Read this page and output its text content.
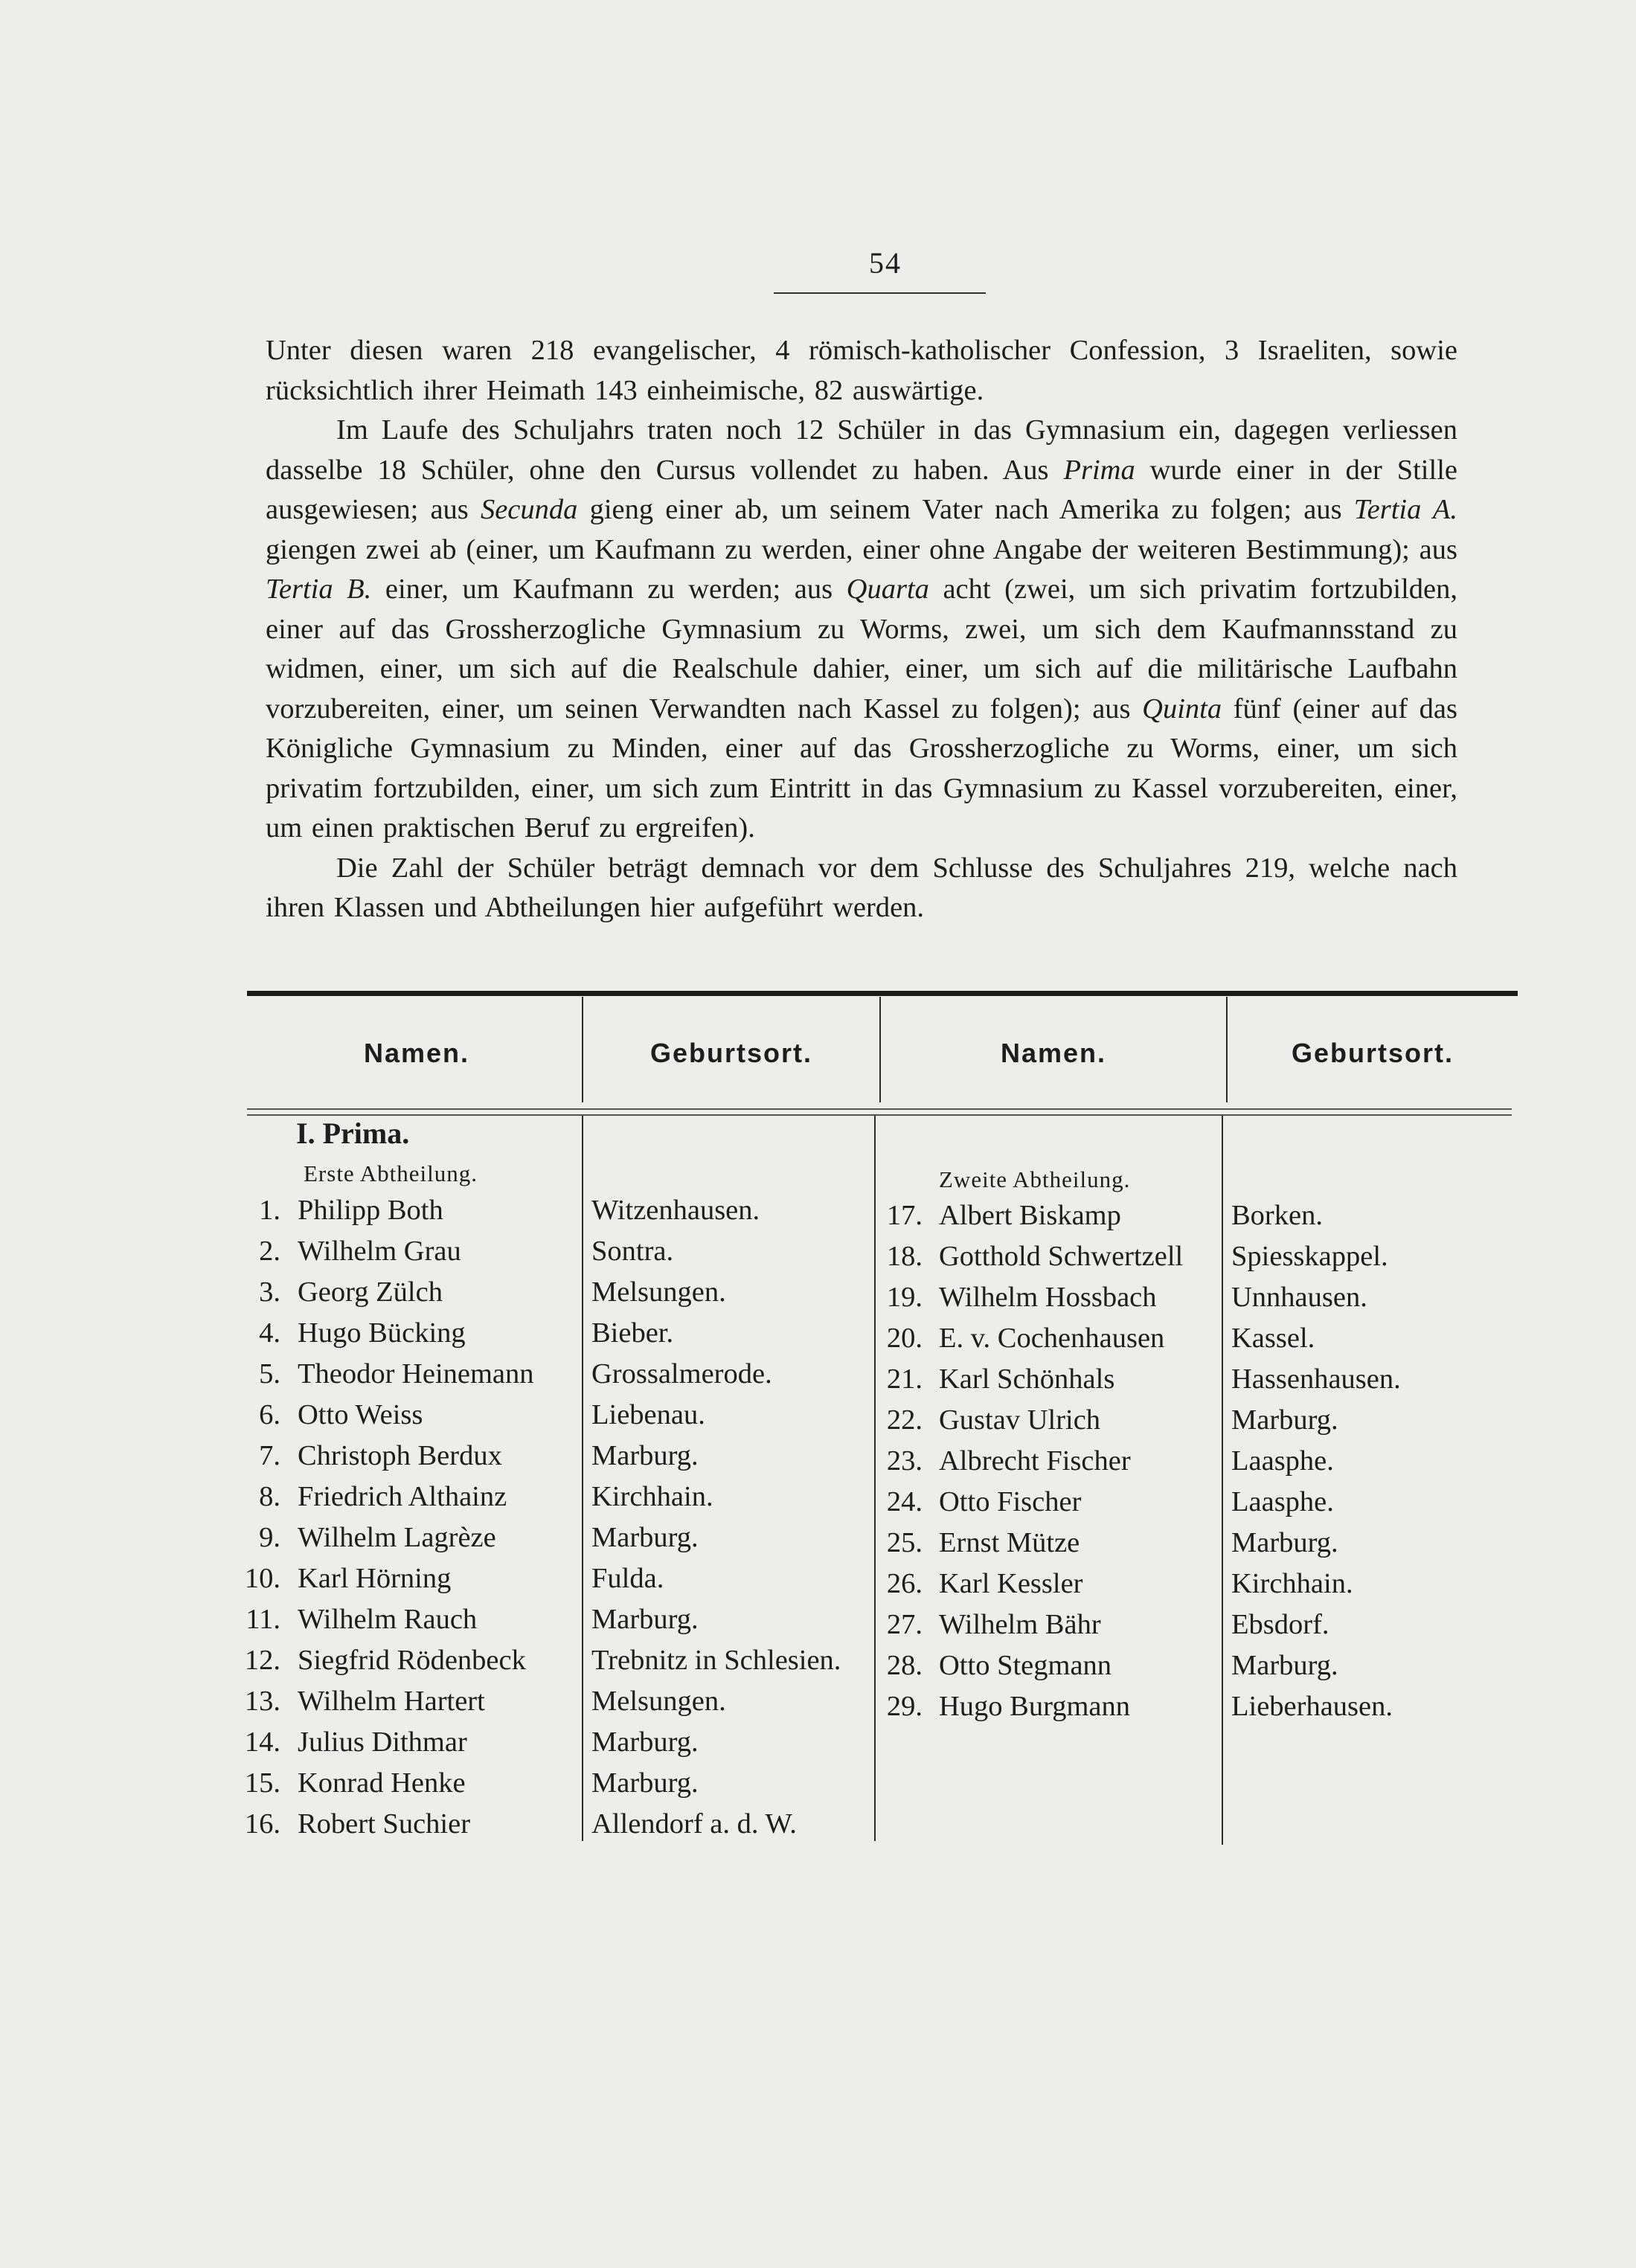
54

Unter diesen waren 218 evangelischer, 4 römisch-katholischer Confession, 3 Israeliten, sowie rücksichtlich ihrer Heimath 143 einheimische, 82 auswärtige.

Im Laufe des Schuljahrs traten noch 12 Schüler in das Gymnasium ein, dagegen verliessen dasselbe 18 Schüler, ohne den Cursus vollendet zu haben. Aus Prima wurde einer in der Stille ausgewiesen; aus Secunda gieng einer ab, um seinem Vater nach Amerika zu folgen; aus Tertia A. giengen zwei ab (einer, um Kaufmann zu werden, einer ohne Angabe der weiteren Bestimmung); aus Tertia B. einer, um Kaufmann zu werden; aus Quarta acht (zwei, um sich privatim fortzubilden, einer auf das Grossherzogliche Gymnasium zu Worms, zwei, um sich dem Kaufmannsstand zu widmen, einer, um sich auf die Realschule dahier, einer, um sich auf die militärische Laufbahn vorzubereiten, einer, um seinen Verwandten nach Kassel zu folgen); aus Quinta fünf (einer auf das Königliche Gymnasium zu Minden, einer auf das Grossherzogliche zu Worms, einer, um sich privatim fortzubilden, einer, um sich zum Eintritt in das Gymnasium zu Kassel vorzubereiten, einer, um einen praktischen Beruf zu ergreifen).

Die Zahl der Schüler beträgt demnach vor dem Schlusse des Schuljahres 219, welche nach ihren Klassen und Abtheilungen hier aufgeführt werden.

Namen.	Geburtsort.	Namen.	Geburtsort.
I. Prima.
Erste Abtheilung.	Zweite Abtheilung.
1. Philipp Both	Witzenhausen.
2. Wilhelm Grau	Sontra.
3. Georg Zülch	Melsungen.
4. Hugo Bücking	Bieber.
5. Theodor Heinemann Grossalmerode.
6. Otto Weiss	Liebenau.
7. Christoph Berdux	Marburg.
8. Friedrich Althainz	Kirchhain.
9. Wilhelm Lagrèze	Marburg.
10. Karl Hörning	Fulda.
11. Wilhelm Rauch	Marburg.
12. Siegfrid Rödenbeck Trebnitz in Schlesien.
13. Wilhelm Hartert	Melsungen.
14. Julius Dithmar	Marburg.
15. Konrad Henke	Marburg.
16. Robert Suchier	Allendorf a. d. W.
17. Albert Biskamp	Borken.
18. Gotthold Schwertzell Spiesskappel.
19. Wilhelm Hossbach	Unnhausen.
20. E. v. Cochenhausen Kassel.
21. Karl Schönhals	Hassenhausen.
22. Gustav Ulrich	Marburg.
23. Albrecht Fischer	Laasphe.
24. Otto Fischer	Laasphe.
25. Ernst Mütze	Marburg.
26. Karl Kessler	Kirchhain.
27. Wilhelm Bähr	Ebsdorf.
28. Otto Stegmann	Marburg.
29. Hugo Burgmann	Lieberhausen.
